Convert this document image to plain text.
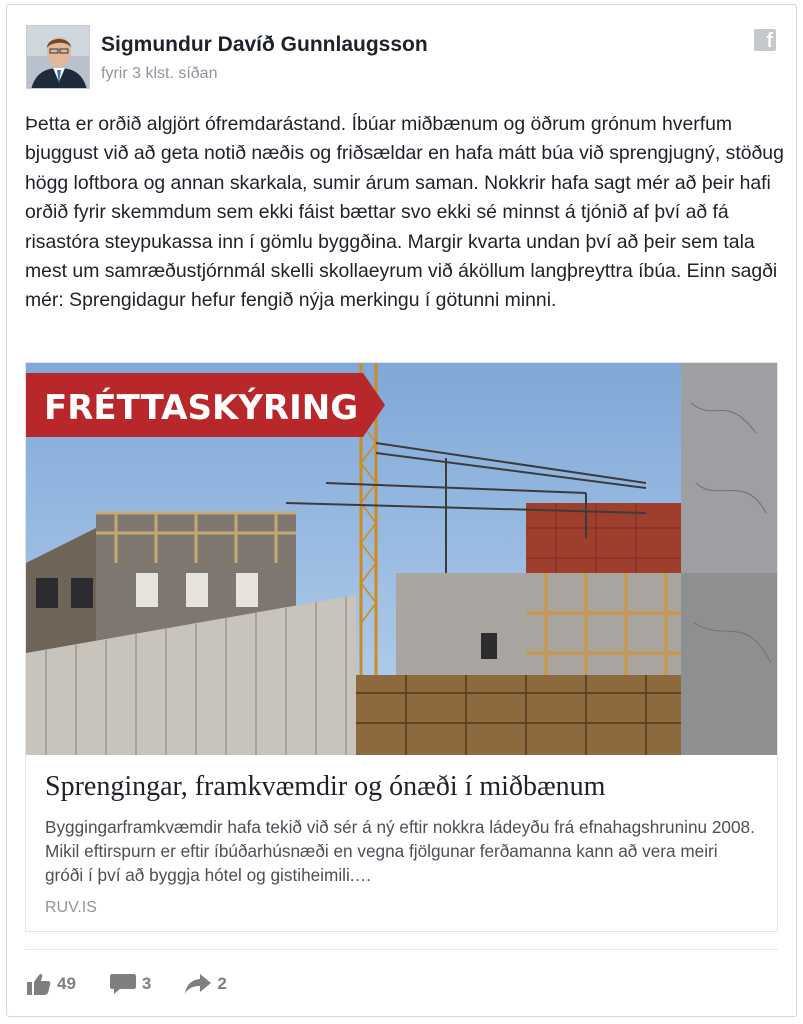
Sigmundur Davíð Gunnlaugsson
fyrir 3 klst. síðan
f
Þetta er orðið algjört ófremdarástand. Íbúar miðbænum og öðrum grónum hverfum bjuggust við að geta notið næðis og friðsældar en hafa mátt búa við sprengjugný, stöðug högg loftbora og annan skarkala, sumir árum saman. Nokkrir hafa sagt mér að þeir hafi orðið fyrir skemmdum sem ekki fáist bættar svo ekki sé minnst á tjónið af því að fá risastóra steypukassa inn í gömlu byggðina. Margir kvarta undan því að þeir sem tala mest um samræðustjórnmál skelli skollaeyrum við áköllum langþreyttra íbúa. Einn sagði mér: Sprengidagur hefur fengið nýja merkingu í götunni minni.
FRÉTTASKÝRING
Sprengingar, framkvæmdir og ónæði í miðbænum
Byggingarframkvæmdir hafa tekið við sér á ný eftir nokkra ládeyðu frá efnahagshruninu 2008. Mikil eftirspurn er eftir íbúðarhúsnæði en vegna fjölgunar ferðamanna kann að vera meiri gróði í því að byggja hótel og gistiheimili.…
RUV.IS
49	3	2
